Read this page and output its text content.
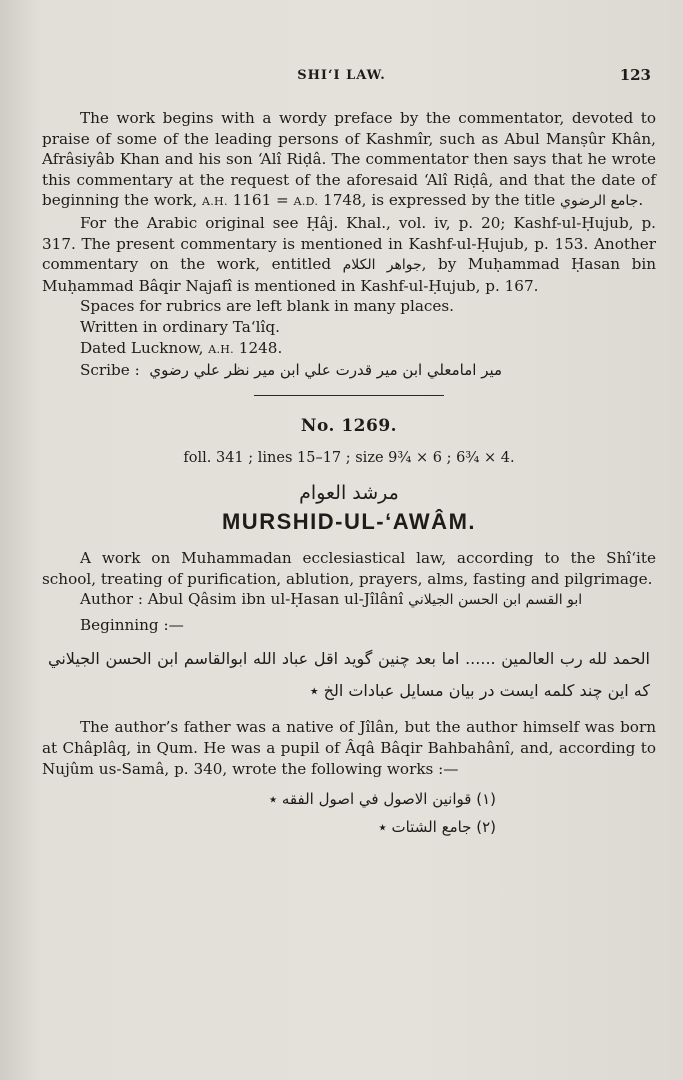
SHI‘I LAW.	123

The work begins with a wordy preface by the commentator, devoted to praise of some of the leading persons of Kashmîr, such as Abul Manṣûr Khân, Afrâsiyâb Khan and his son ‘Alî Riḍâ. The commentator then says that he wrote this commentary at the request of the aforesaid ‘Alî Riḍâ, and that the date of beginning the work, A.H. 1161 = A.D. 1748, is expressed by the title جامع الرضوي.

For the Arabic original see Ḥâj. Khal., vol. iv, p. 20; Kashf-ul-Ḥujub, p. 317. The present commentary is mentioned in Kashf-ul-Ḥujub, p. 153. Another commentary on the work, entitled جواهر الكلام, by Muḥammad Ḥasan bin Muḥammad Bâqir Najafî is mentioned in Kashf-ul-Ḥujub, p. 167.

Spaces for rubrics are left blank in many places.

Written in ordinary Ta‘lîq.

Dated Lucknow, A.H. 1248.

Scribe : مير امامعلي ابن مير قدرت علي ابن مير نظر علي رضوي

No. 1269.
foll. 341 ; lines 15–17 ; size 9¾ × 6 ; 6¾ × 4.
مرشد العوام
MURSHID-UL-‘AWÂM.

A work on Muhammadan ecclesiastical law, according to the Shî‘ite school, treating of purification, ablution, prayers, alms, fasting and pilgrimage.

Author : Abul Qâsim ibn ul-Ḥasan ul-Jîlânî ابو القسم ابن الحسن الجيلاني

Beginning :—

الحمد لله رب العالمين ...... اما بعد چنين گويد اقل عباد الله ابوالقاسم ابن الحسن الجيلاني که اين چند کلمه ايست در بيان مسايل عبادات الخ ٭

The author’s father was a native of Jîlân, but the author himself was born at Châplâq, in Qum. He was a pupil of Âqâ Bâqir Bahbahânî, and, according to Nujûm us-Samâ, p. 340, wrote the following works :—

(۱) قوانين الاصول في اصول الفقه ٭
(۲) جامع الشتات ٭
